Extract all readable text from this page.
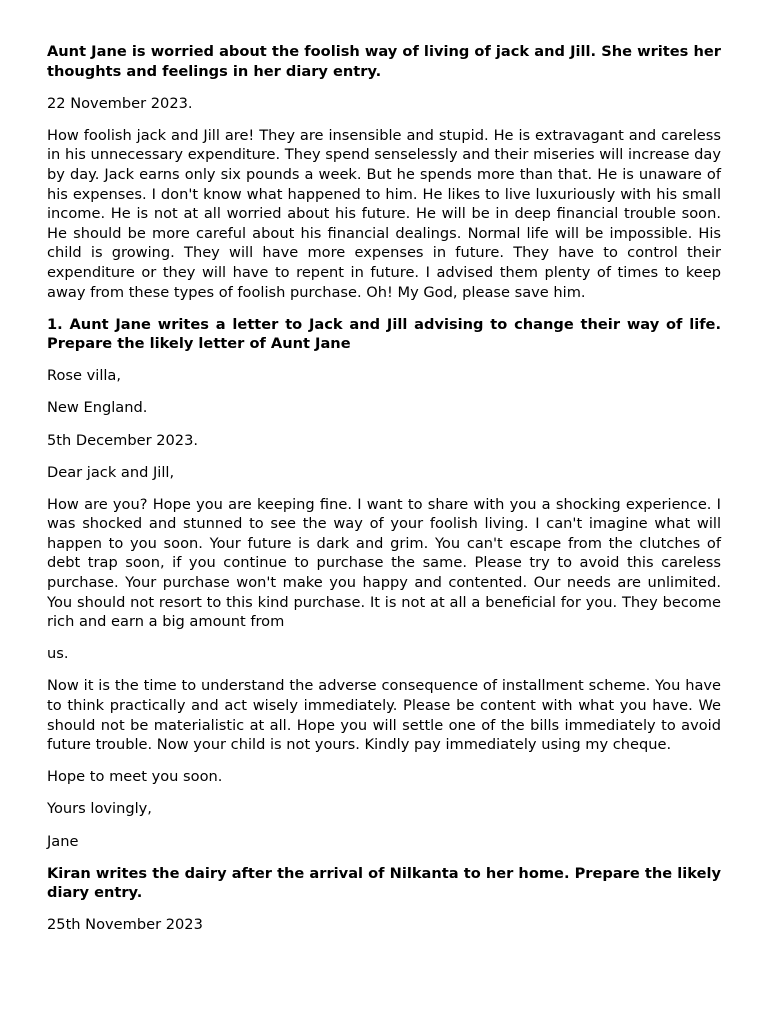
Aunt Jane is worried about the foolish way of living of jack and Jill. She writes her thoughts and feelings in her diary entry.

22 November 2023.

How foolish jack and Jill are! They are insensible and stupid. He is extravagant and careless in his unnecessary expenditure. They spend senselessly and their miseries will increase day by day. Jack earns only six pounds a week. But he spends more than that. He is unaware of his expenses. I don't know what happened to him. He likes to live luxuriously with his small income. He is not at all worried about his future. He will be in deep financial trouble soon. He should be more careful about his financial dealings. Normal life will be impossible. His child is growing. They will have more expenses in future. They have to control their expenditure or they will have to repent in future. I advised them plenty of times to keep away from these types of foolish purchase. Oh! My God, please save him.

1. Aunt Jane writes a letter to Jack and Jill advising to change their way of life. Prepare the likely letter of Aunt Jane

Rose villa,

New England.

5th December 2023.

Dear jack and Jill,

How are you? Hope you are keeping fine. I want to share with you a shocking experience. I was shocked and stunned to see the way of your foolish living. I can't imagine what will happen to you soon. Your future is dark and grim. You can't escape from the clutches of debt trap soon, if you continue to purchase the same. Please try to avoid this careless purchase. Your purchase won't make you happy and contented. Our needs are unlimited. You should not resort to this kind purchase. It is not at all a beneficial for you. They become rich and earn a big amount from

us.

Now it is the time to understand the adverse consequence of installment scheme. You have to think practically and act wisely immediately. Please be content with what you have. We should not be materialistic at all. Hope you will settle one of the bills immediately to avoid future trouble. Now your child is not yours. Kindly pay immediately using my cheque.

Hope to meet you soon.

Yours lovingly,

Jane

Kiran writes the dairy after the arrival of Nilkanta to her home. Prepare the likely diary entry.

25th November 2023
